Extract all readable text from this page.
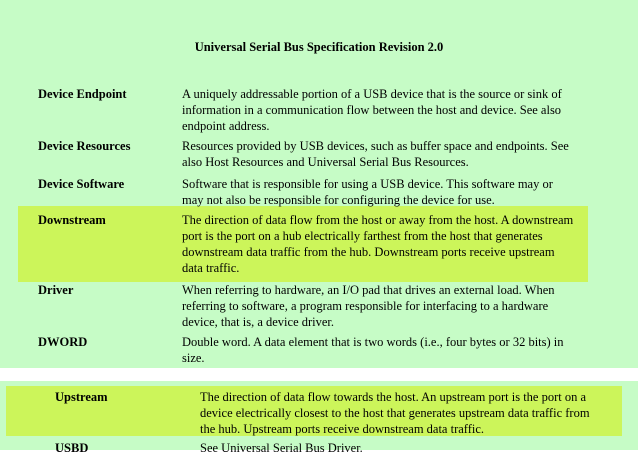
Universal Serial Bus Specification Revision 2.0
Device Endpoint	A uniquely addressable portion of a USB device that is the source or sink of
information in a communication flow between the host and device. See also
endpoint address.
Device Resources	Resources provided by USB devices, such as buffer space and endpoints. See
also Host Resources and Universal Serial Bus Resources.
Device Software	Software that is responsible for using a USB device. This software may or
may not also be responsible for configuring the device for use.
Downstream	The direction of data flow from the host or away from the host. A downstream
port is the port on a hub electrically farthest from the host that generates
downstream data traffic from the hub. Downstream ports receive upstream
data traffic.
Driver	When referring to hardware, an I/O pad that drives an external load. When
referring to software, a program responsible for interfacing to a hardware
device, that is, a device driver.
DWORD	Double word. A data element that is two words (i.e., four bytes or 32 bits) in
size.
Upstream	The direction of data flow towards the host. An upstream port is the port on a
device electrically closest to the host that generates upstream data traffic from
the hub. Upstream ports receive downstream data traffic.
USBD	See Universal Serial Bus Driver.
